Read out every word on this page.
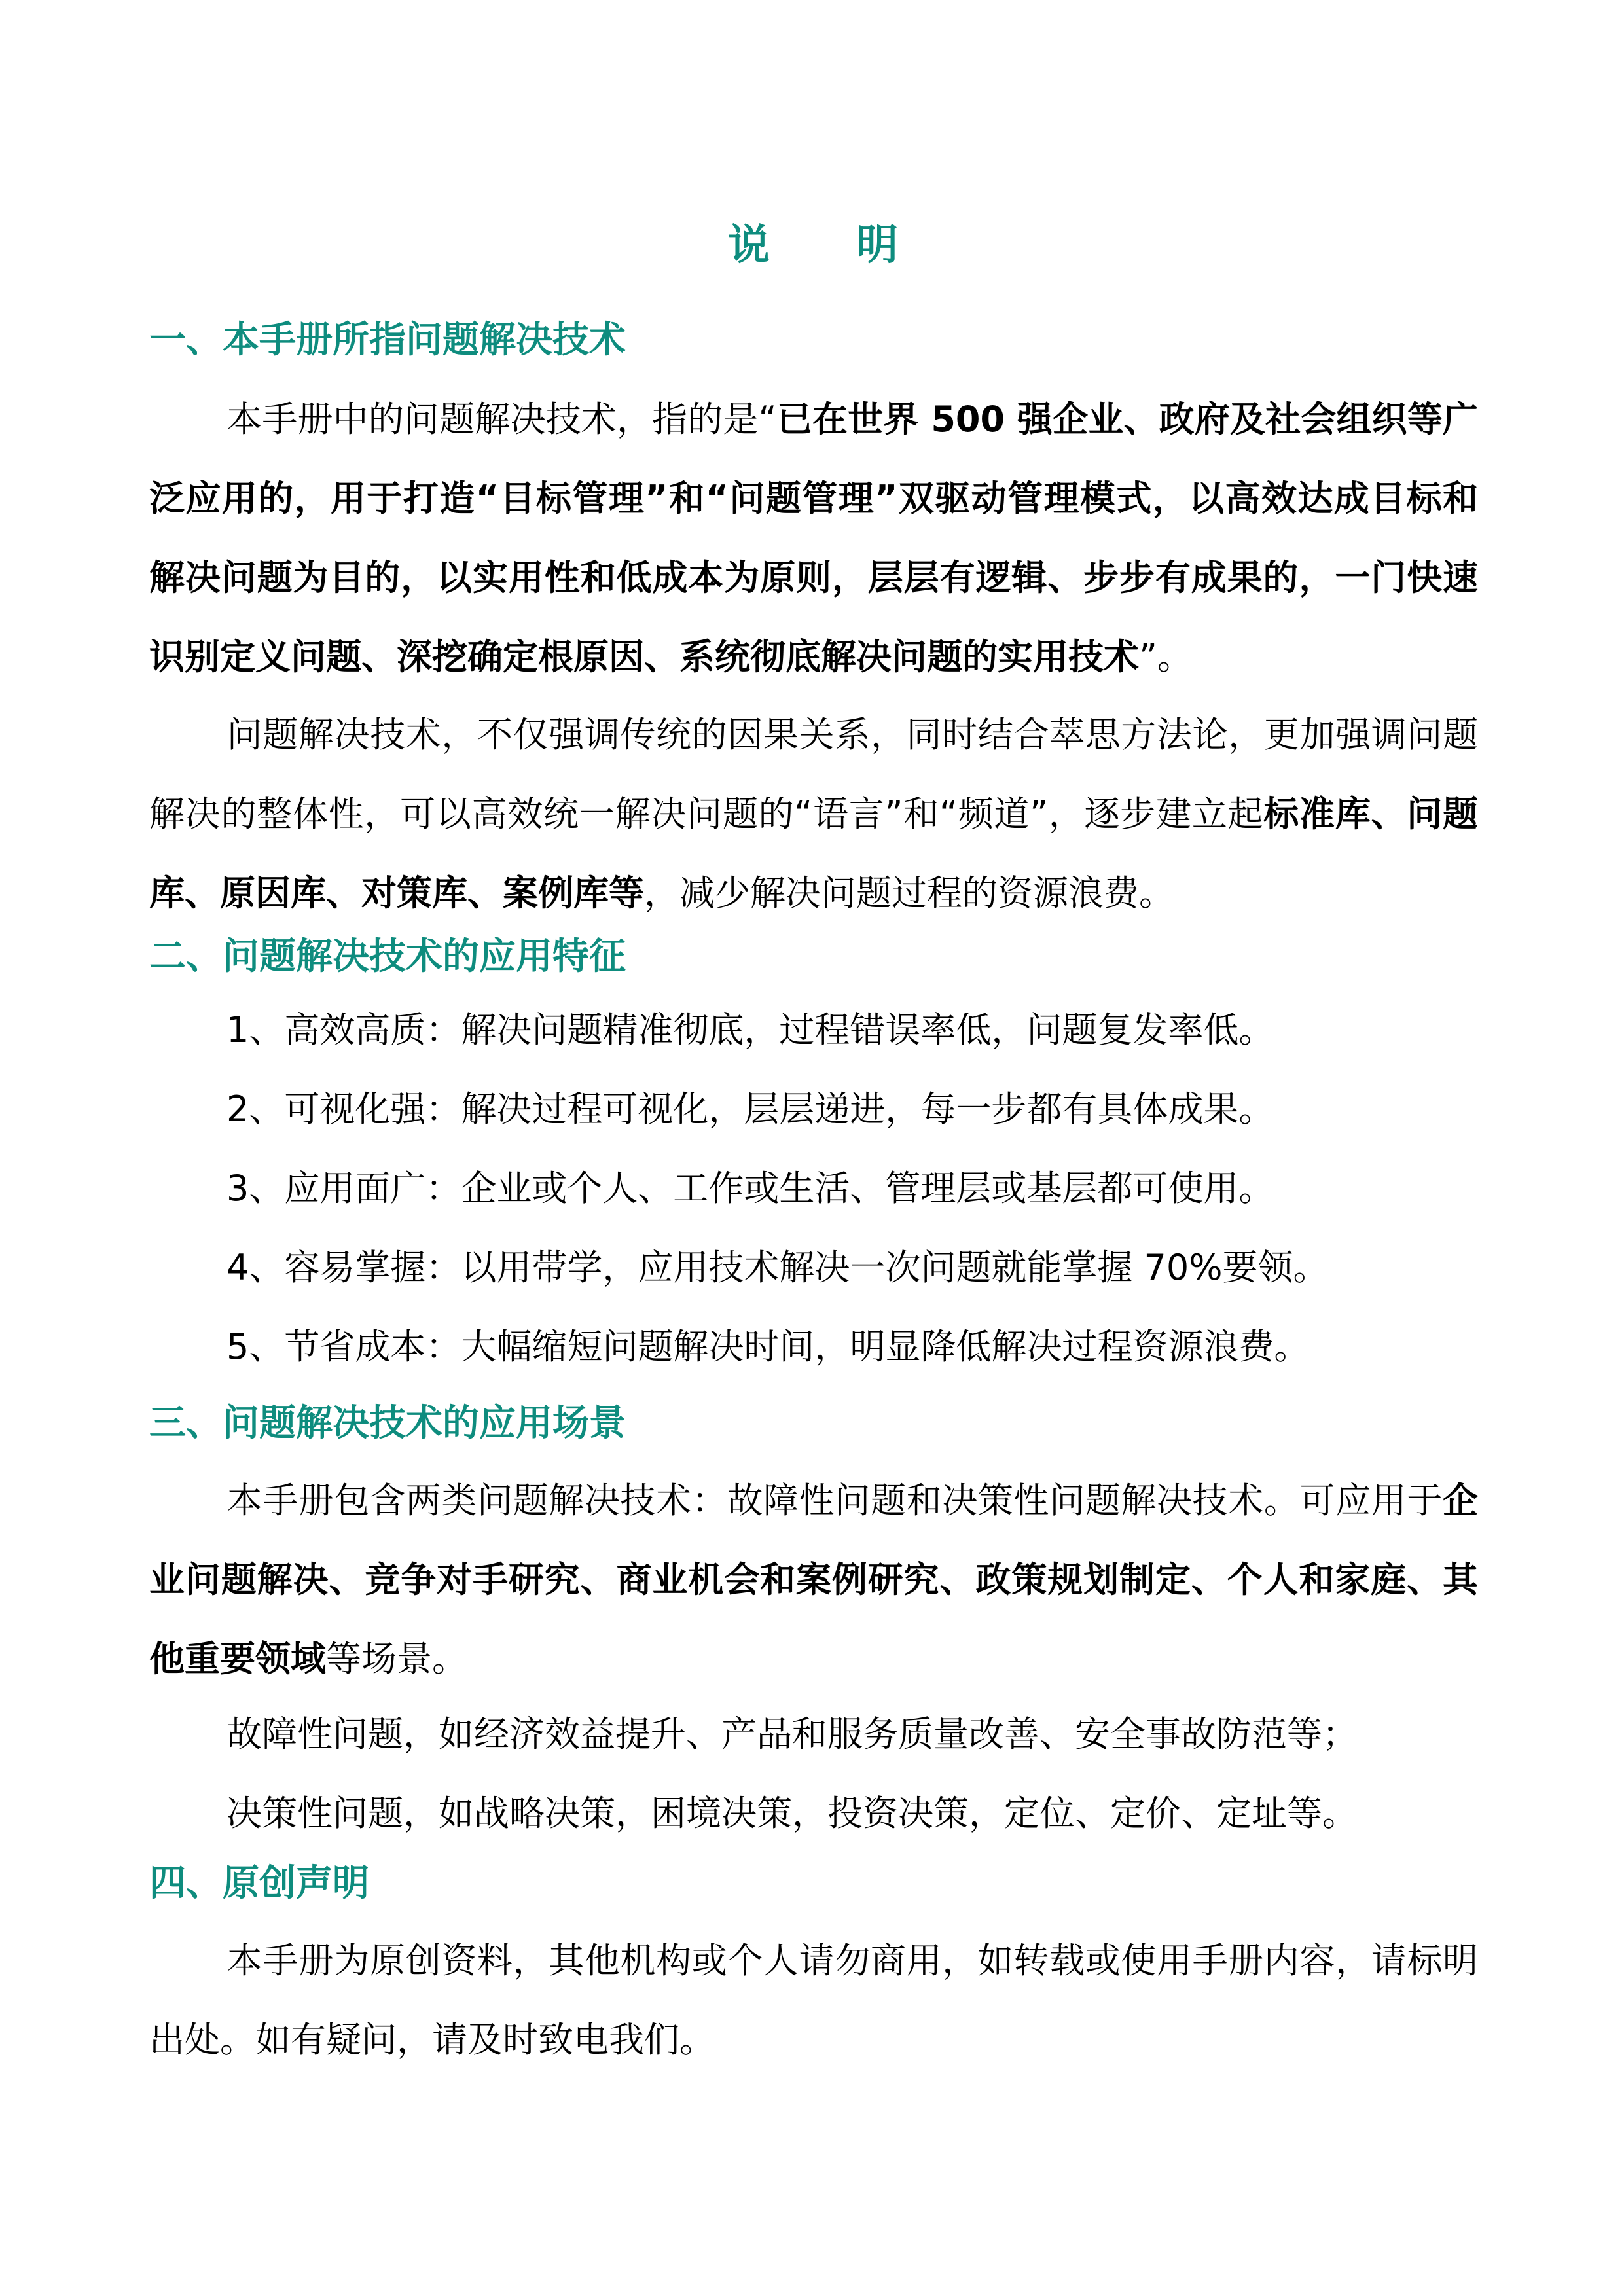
说 明
一、本手册所指问题解决技术
本手册中的问题解决技术，指的是“已在世界 500 强企业、政府及社会组织等广泛应用的，用于打造“目标管理”和“问题管理”双驱动管理模式，以高效达成目标和解决问题为目的，以实用性和低成本为原则，层层有逻辑、步步有成果的，一门快速识别定义问题、深挖确定根原因、系统彻底解决问题的实用技术”。
问题解决技术，不仅强调传统的因果关系，同时结合萃思方法论，更加强调问题解决的整体性，可以高效统一解决问题的“语言”和“频道”，逐步建立起标准库、问题库、原因库、对策库、案例库等，减少解决问题过程的资源浪费。
二、问题解决技术的应用特征
1、高效高质：解决问题精准彻底，过程错误率低，问题复发率低。
2、可视化强：解决过程可视化，层层递进，每一步都有具体成果。
3、应用面广：企业或个人、工作或生活、管理层或基层都可使用。
4、容易掌握：以用带学，应用技术解决一次问题就能掌握 70%要领。
5、节省成本：大幅缩短问题解决时间，明显降低解决过程资源浪费。
三、问题解决技术的应用场景
本手册包含两类问题解决技术：故障性问题和决策性问题解决技术。可应用于企业问题解决、竞争对手研究、商业机会和案例研究、政策规划制定、个人和家庭、其他重要领域等场景。
故障性问题，如经济效益提升、产品和服务质量改善、安全事故防范等；
决策性问题，如战略决策，困境决策，投资决策，定位、定价、定址等。
四、原创声明
本手册为原创资料，其他机构或个人请勿商用，如转载或使用手册内容，请标明出处。如有疑问，请及时致电我们。
